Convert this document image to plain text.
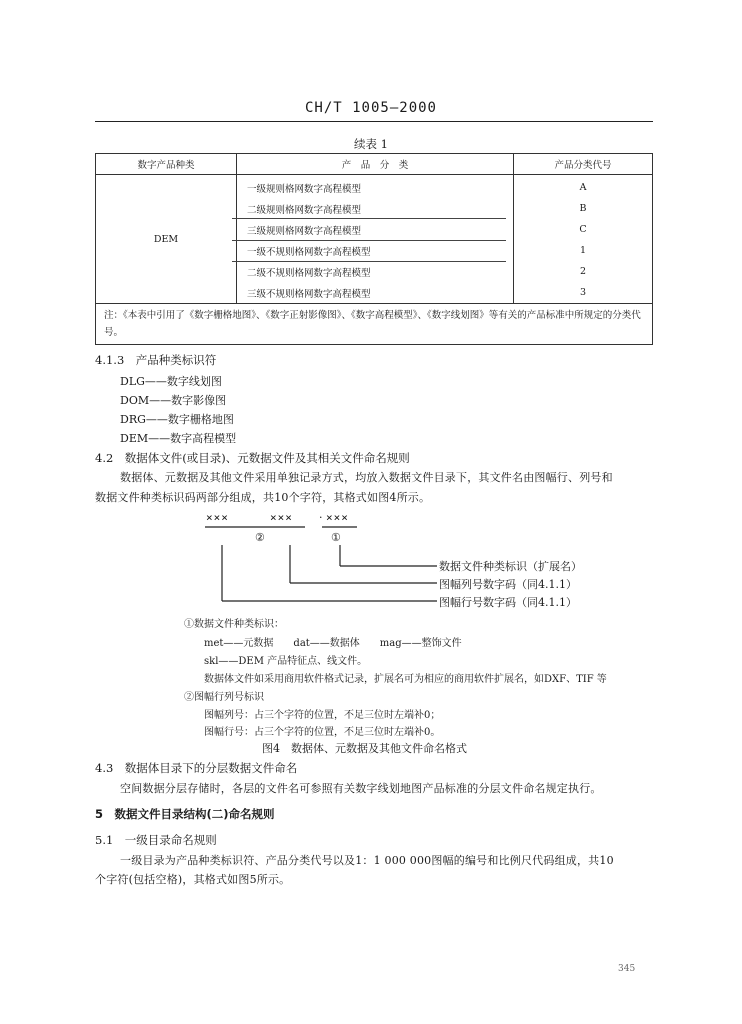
CH/T 1005—2000
续表 1
数字产品种类	产　品　分　类	产品分类代号
DEM	一级规则格网数字高程模型	A
	二级规则格网数字高程模型	B
	三级规则格网数字高程模型	C
	一级不规则格网数字高程模型	1
	二级不规则格网数字高程模型	2
	三级不规则格网数字高程模型	3
注：《本表中引用了《数字栅格地图》、《数字正射影像图》、《数字高程模型》、《数字线划图》等有关的产品标准中所规定的分类代号。		
4.1.3　产品种类标识符
DLG——数字线划图
DOM——数字影像图
DRG——数字栅格地图
DEM——数字高程模型
4.2　数据体文件(或目录)、元数据文件及其相关文件命名规则
数据体、元数据及其他文件采用单独记录方式，均放入数据文件目录下，其文件名由图幅行、列号和
数据文件种类标识码两部分组成，共10个字符，其格式如图4所示。
×××	××× · ×××
②	①
数据文件种类标识（扩展名）
图幅列号数字码（同4.1.1）
图幅行号数字码（同4.1.1）
①数据文件种类标识：
met——元数据　　dat——数据体　　mag——整饰文件
skl——DEM 产品特征点、线文件。
数据体文件如采用商用软件格式记录，扩展名可为相应的商用软件扩展名，如DXF、TIF 等
②图幅行列号标识
图幅列号：占三个字符的位置，不足三位时左端补0；
图幅行号：占三个字符的位置，不足三位时左端补0。
图4　数据体、元数据及其他文件命名格式
4.3　数据体目录下的分层数据文件命名
空间数据分层存储时，各层的文件名可参照有关数字线划地图产品标准的分层文件命名规定执行。
5　数据文件目录结构(二)命名规则
5.1　一级目录命名规则
一级目录为产品种类标识符、产品分类代号以及1：1 000 000图幅的编号和比例尺代码组成，共10
个字符(包括空格)，其格式如图5所示。
345
